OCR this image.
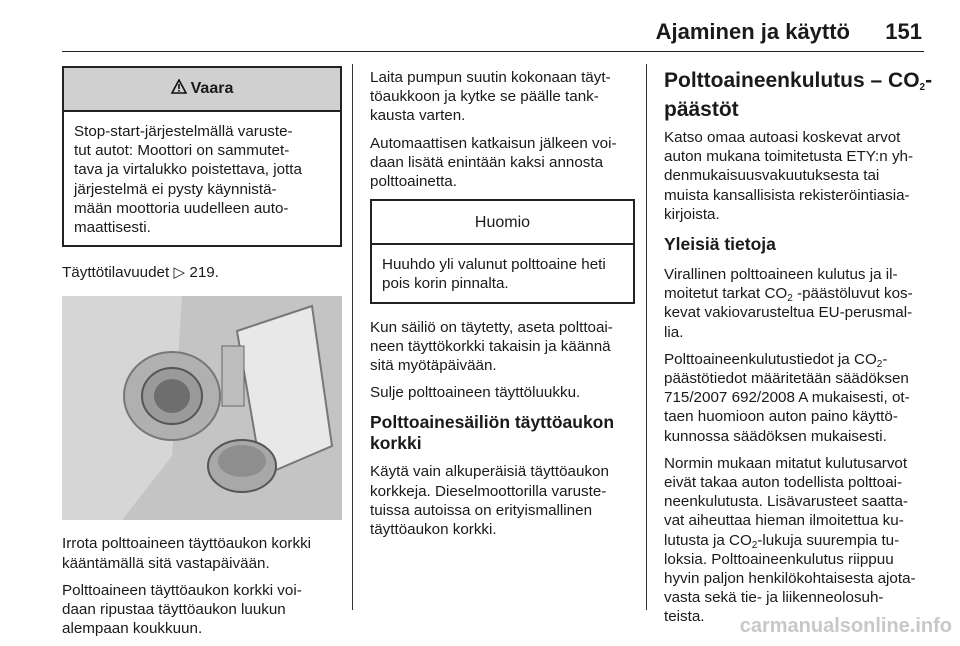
Ajaminen ja käyttö 151
Vaara
Stop-start-järjestelmällä varuste-
tut autot: Moottori on sammutet-
tava ja virtalukko poistettava, jotta
järjestelmä ei pysty käynnistä-
mään moottoria uudelleen auto-
maattisesti.

Täyttötilavuudet ▷ 219.

Irrota polttoaineen täyttöaukon korkki
kääntämällä sitä vastapäivään.

Polttoaineen täyttöaukon korkki voi-
daan ripustaa täyttöaukon luukun
alempaan koukkuun.

Laita pumpun suutin kokonaan täyt-
töaukkoon ja kytke se päälle tank-
kausta varten.

Automaattisen katkaisun jälkeen voi-
daan lisätä enintään kaksi annosta
polttoainetta.

Huomio
Huuhdo yli valunut polttoaine heti
pois korin pinnalta.

Kun säiliö on täytetty, aseta polttoai-
neen täyttökorkki takaisin ja käännä
sitä myötäpäivään.

Sulje polttoaineen täyttöluukku.

Polttoainesäiliön täyttöaukon
korkki

Käytä vain alkuperäisiä täyttöaukon
korkkeja. Dieselmoottorilla varuste-
tuissa autoissa on erityismallinen
täyttöaukon korkki.

Polttoaineenkulutus – $CO_2-$
päästöt

Katso omaa autoasi koskevat arvot
auton mukana toimitetusta ETY:n yh-
denmukaisuusvakuutuksesta tai
muista kansallisista rekisteröintiasia-
kirjoista.

Yleisiä tietoja

Virallinen polttoaineen kulutus ja il-
moitetut tarkat $CO_2$ -päästöluvut kos-
kevat vakiovarusteltua EU-perusmal-
lia.

Polttoaineenkulutustiedot ja $CO_2-$
päästötiedot määritetään säädöksen
715/2007 692/2008 A mukaisesti, ot-
taen huomioon auton paino käyttö-
kunnossa säädöksen mukaisesti.

Normin mukaan mitatut kulutusarvot
eivät takaa auton todellista polttoai-
neenkulutusta. Lisävarusteet saatta-
vat aiheuttaa hieman ilmoitettua ku-
lutusta ja $CO_2$-lukuja suurempia tu-
loksia. Polttoaineenkulutus riippuu
hyvin paljon henkilökohtaisesta ajota-
vasta sekä tie- ja liikenneolosuh-
teista.	carmanualsonline.info
